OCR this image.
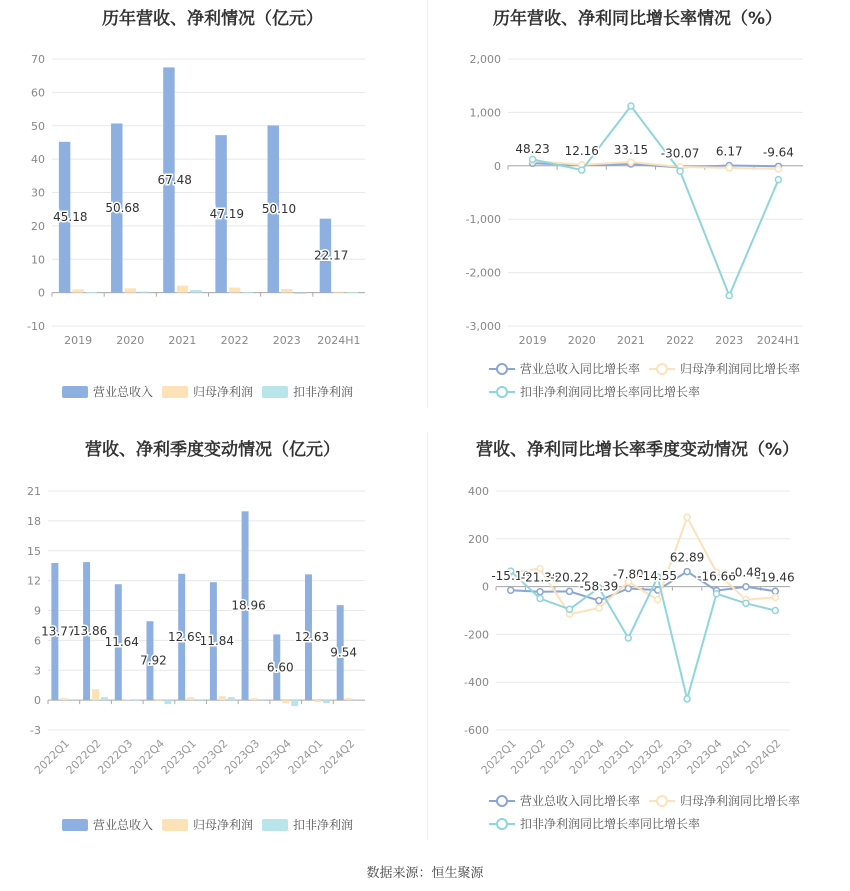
历年营收、净利情况（亿元）
-10
0
10
20
30
40
50
60
70
2019 2020 2021 2022 2023 2024H1
45.18
50.68
67.48
47.19 50.10
22.17
营业总收入	归母净利润	扣非净利润
历年营收、净利同比增长率情况（%）
-3,000
-2,000
-1,000
0
1,000
2,000
2019 2020 2021 2022 2023 2024H1
48.23 12.16 33.15 -30.07 6.17 -9.64
营业总收入同比增长率	归母净利润同比增长率
扣非净利润同比增长率同比增长率
营收、净利季度变动情况（亿元）
-3
0
3
6
9
12
15
18
21
2022Q1
2022Q2
2022Q3
2022Q4
2023Q1
2023Q2
2023Q3
2023Q4
2024Q1
2024Q2
13.77
13.86
11.64
7.92
12.69
11.84
18.96
6.60
12.63
9.54
营业总收入	归母净利润	扣非净利润
营收、净利同比增长率季度变动情况（%）
-600
-400
-200
0
200
400
2022Q1
2022Q2
2022Q3
2022Q4
2023Q1
2023Q2
2023Q3
2023Q4
2024Q1
2024Q2
-15.16
-21.36
-20.22
-58.39
-7.80
-14.55
62.89
-16.66
-0.48
-19.46
营业总收入同比增长率	归母净利润同比增长率
扣非净利润同比增长率同比增长率
数据来源：恒生聚源
